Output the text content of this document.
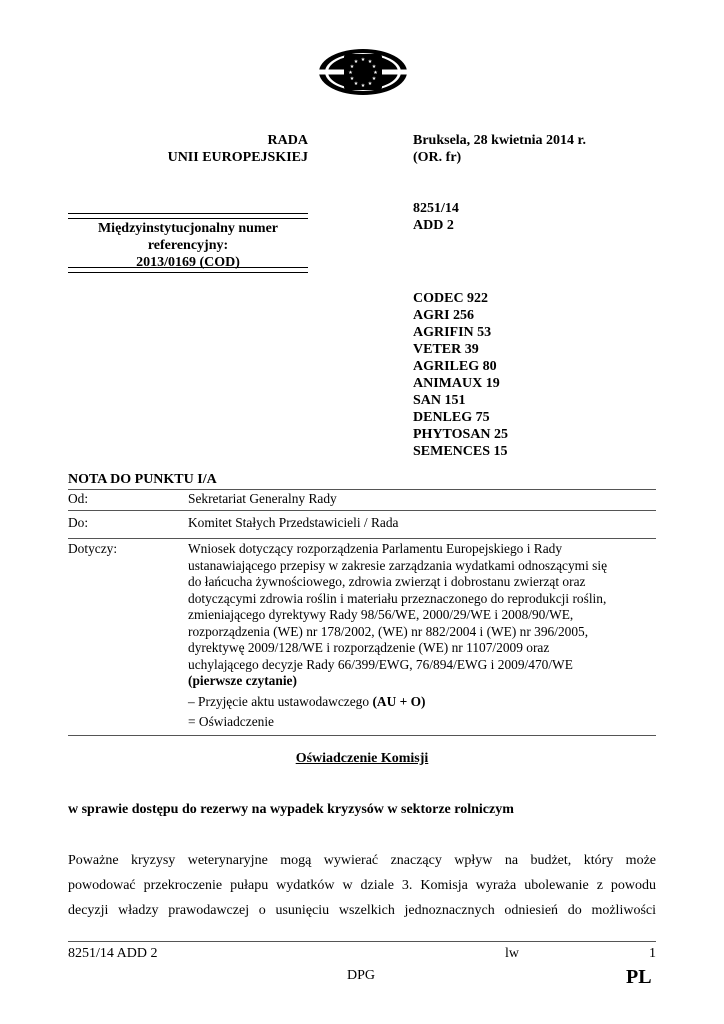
★ ★
★
★
★
★
★
★
★
★
★
★
RADA
UNII EUROPEJSKIEJ
Bruksela, 28 kwietnia 2014 r.
(OR. fr)
Międzyinstytucjonalny numer
referencyjny:
2013/0169 (COD)
8251/14
ADD 2
CODEC 922
AGRI 256
AGRIFIN 53
VETER 39
AGRILEG 80
ANIMAUX 19
SAN 151
DENLEG 75
PHYTOSAN 25
SEMENCES 15
NOTA DO PUNKTU I/A
Od:	Sekretariat Generalny Rady
Do:	Komitet Stałych Przedstawicieli / Rada
Dotyczy:	Wniosek dotyczący rozporządzenia Parlamentu Europejskiego i Rady
ustanawiającego przepisy w zakresie zarządzania wydatkami odnoszącymi się
do łańcucha żywnościowego, zdrowia zwierząt i dobrostanu zwierząt oraz
dotyczącymi zdrowia roślin i materiału przeznaczonego do reprodukcji roślin,
zmieniającego dyrektywy Rady 98/56/WE, 2000/29/WE i 2008/90/WE,
rozporządzenia (WE) nr 178/2002, (WE) nr 882/2004 i (WE) nr 396/2005,
dyrektywę 2009/128/WE i rozporządzenie (WE) nr 1107/2009 oraz
uchylającego decyzje Rady 66/399/EWG, 76/894/EWG i 2009/470/WE
(pierwsze czytanie)
– Przyjęcie aktu ustawodawczego (AU + O)
= Oświadczenie
Oświadczenie Komisji
w sprawie dostępu do rezerwy na wypadek kryzysów w sektorze rolniczym
Poważne kryzysy weterynaryjne mogą wywierać znaczący wpływ na budżet, który może
powodować przekroczenie pułapu wydatków w dziale 3. Komisja wyraża ubolewanie z powodu
decyzji władzy prawodawczej o usunięciu wszelkich jednoznacznych odniesień do możliwości
8251/14 ADD 2	lw	1
DPG	PL
